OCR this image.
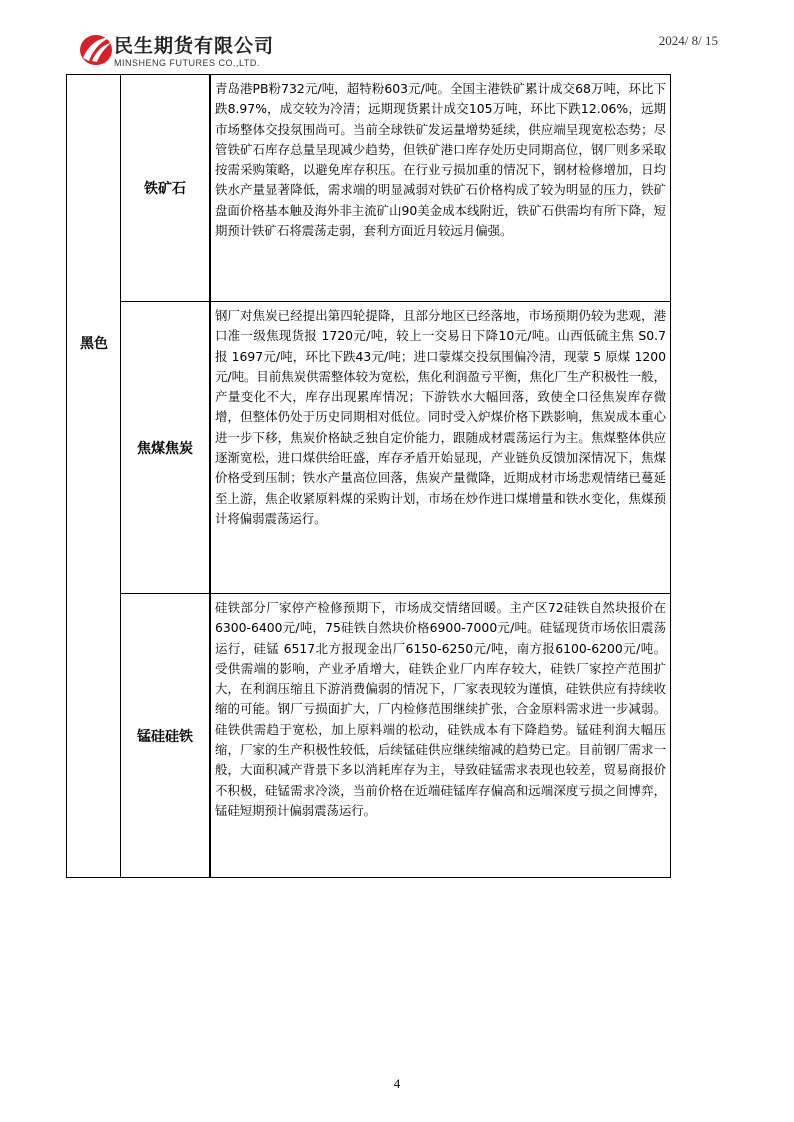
民生期货有限公司
MINSHENG FUTURES CO.,LTD.
2024/ 8/ 15
黑色
铁矿石
青岛港PB粉732元/吨，超特粉603元/吨。全国主港铁矿累计成交68万吨，环比下跌8.97%，成交较为冷清；远期现货累计成交105万吨，环比下跌12.06%，远期市场整体交投氛围尚可。当前全球铁矿发运量增势延续，供应端呈现宽松态势；尽管铁矿石库存总量呈现减少趋势，但铁矿港口库存处历史同期高位，钢厂则多采取按需采购策略，以避免库存积压。在行业亏损加重的情况下，钢材检修增加，日均铁水产量显著降低，需求端的明显减弱对铁矿石价格构成了较为明显的压力，铁矿盘面价格基本触及海外非主流矿山90美金成本线附近，铁矿石供需均有所下降，短期预计铁矿石将震荡走弱，套利方面近月较远月偏强。
焦煤焦炭
钢厂对焦炭已经提出第四轮提降，且部分地区已经落地，市场预期仍较为悲观，港口准一级焦现货报 1720元/吨，较上一交易日下降10元/吨。山西低硫主焦 S0.7 报 1697元/吨，环比下跌43元/吨；进口蒙煤交投氛围偏冷清，现蒙 5 原煤 1200元/吨。目前焦炭供需整体较为宽松，焦化利润盈亏平衡，焦化厂生产积极性一般，产量变化不大，库存出现累库情况；下游铁水大幅回落，致使全口径焦炭库存微增，但整体仍处于历史同期相对低位。同时受入炉煤价格下跌影响，焦炭成本重心进一步下移，焦炭价格缺乏独自定价能力，跟随成材震荡运行为主。焦煤整体供应逐渐宽松，进口煤供给旺盛，库存矛盾开始显现，产业链负反馈加深情况下，焦煤价格受到压制；铁水产量高位回落，焦炭产量微降，近期成材市场悲观情绪已蔓延至上游，焦企收紧原料煤的采购计划，市场在炒作进口煤增量和铁水变化，焦煤预计将偏弱震荡运行。
锰硅硅铁
硅铁部分厂家停产检修预期下，市场成交情绪回暖。主产区72硅铁自然块报价在6300-6400元/吨，75硅铁自然块价格6900-7000元/吨。硅锰现货市场依旧震荡运行，硅锰 6517北方报现金出厂6150-6250元/吨，南方报6100-6200元/吨。受供需端的影响，产业矛盾增大，硅铁企业厂内库存较大，硅铁厂家控产范围扩大，在利润压缩且下游消费偏弱的情况下，厂家表现较为谨慎，硅铁供应有持续收缩的可能。钢厂亏损面扩大，厂内检修范围继续扩张，合金原料需求进一步减弱。硅铁供需趋于宽松，加上原料端的松动，硅铁成本有下降趋势。锰硅利润大幅压缩，厂家的生产积极性较低，后续锰硅供应继续缩减的趋势已定。目前钢厂需求一般，大面积减产背景下多以消耗库存为主，导致硅锰需求表现也较差，贸易商报价不积极，硅锰需求冷淡，当前价格在近端硅锰库存偏高和远端深度亏损之间博弈，锰硅短期预计偏弱震荡运行。
4
